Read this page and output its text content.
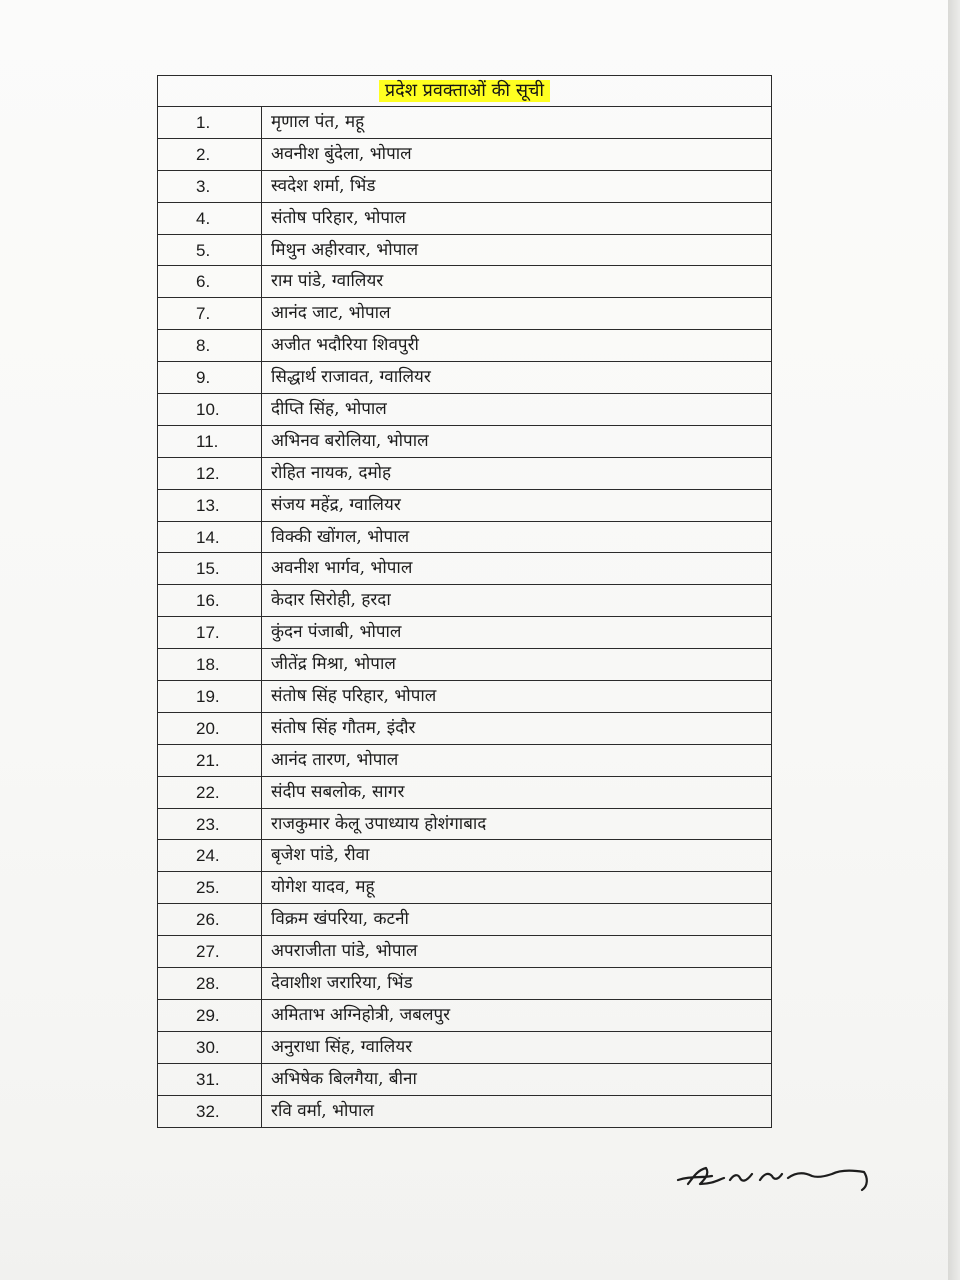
प्रदेश प्रवक्ताओं की सूची	
1.	मृणाल पंत, महू
2.	अवनीश बुंदेला, भोपाल
3.	स्वदेश शर्मा, भिंड
4.	संतोष परिहार, भोपाल
5.	मिथुन अहीरवार, भोपाल
6.	राम पांडे, ग्वालियर
7.	आनंद जाट, भोपाल
8.	अजीत भदौरिया शिवपुरी
9.	सिद्धार्थ राजावत, ग्वालियर
10.	दीप्ति सिंह, भोपाल
11.	अभिनव बरोलिया, भोपाल
12.	रोहित नायक, दमोह
13.	संजय महेंद्र, ग्वालियर
14.	विक्की खोंगल, भोपाल
15.	अवनीश भार्गव, भोपाल
16.	केदार सिरोही, हरदा
17.	कुंदन पंजाबी, भोपाल
18.	जीतेंद्र मिश्रा, भोपाल
19.	संतोष सिंह परिहार, भोपाल
20.	संतोष सिंह गौतम, इंदौर
21.	आनंद तारण, भोपाल
22.	संदीप सबलोक, सागर
23.	राजकुमार केलू उपाध्याय होशंगाबाद
24.	बृजेश पांडे, रीवा
25.	योगेश यादव, महू
26.	विक्रम खंपरिया, कटनी
27.	अपराजीता पांडे, भोपाल
28.	देवाशीश जरारिया, भिंड
29.	अमिताभ अग्निहोत्री, जबलपुर
30.	अनुराधा सिंह, ग्वालियर
31.	अभिषेक बिलगैया, बीना
32.	रवि वर्मा, भोपाल
